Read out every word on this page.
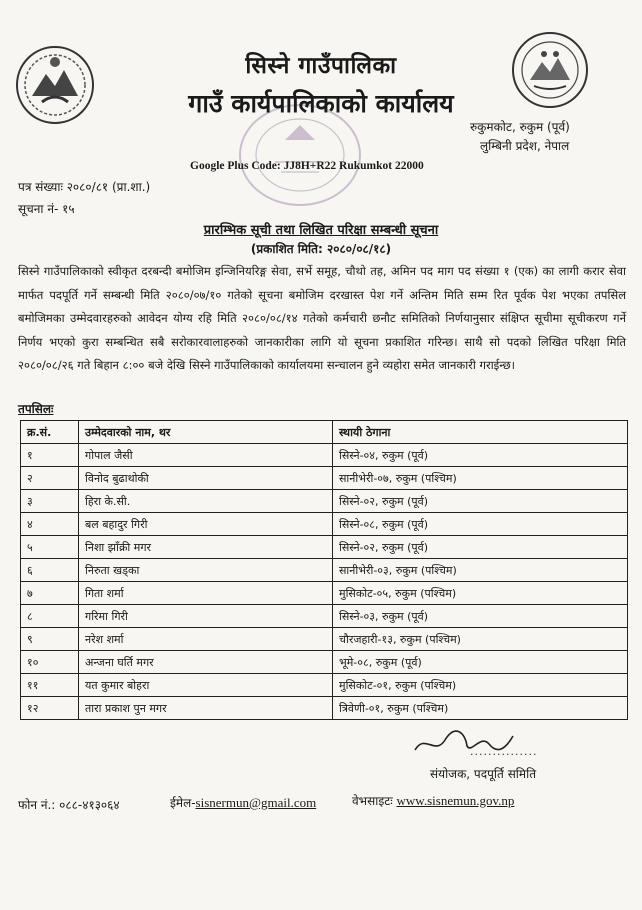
सिस्ने गाउँपालिका
गाउँ कार्यपालिकाको कार्यालय
रुकुमकोट, रुकुम (पूर्व)
लुम्बिनी प्रदेश, नेपाल
Google Plus Code: JJ8H+R22 Rukumkot 22000
पत्र संख्याः २०८०/८१ (प्रा.शा.)
सूचना नं- १५
प्रारम्भिक सूची तथा लिखित परिक्षा सम्बन्धी सूचना
(प्रकाशित मिति: २०८०/०८/१८)
सिस्ने गाउँपालिकाको स्वीकृत दरबन्दी बमोजिम इन्जिनियरिङ्ग सेवा, सर्भे समूह, चौथो तह, अमिन पद माग पद संख्या १ (एक) का लागी करार सेवा मार्फत पदपूर्ति गर्ने सम्बन्धी मिति २०८०/०७/१० गतेको सूचना बमोजिम दरखास्त पेश गर्ने अन्तिम मिति सम्म रित पूर्वक पेश भएका तपसिल बमोजिमका उम्मेदवारहरुको आवेदन योग्य रहि मिति २०८०/०८/१४ गतेको कर्मचारी छनौट समितिको निर्णयानुसार संक्षिप्त सूचीमा सूचीकरण गर्ने निर्णय भएको कुरा सम्बन्धित सबै सरोकारवालाहरुको जानकारीका लागि यो सूचना प्रकाशित गरिन्छ। साथै सो पदको लिखित परिक्षा मिति २०८०/०८/२६ गते बिहान ८:०० बजे देखि सिस्ने गाउँपालिकाको कार्यालयमा सन्चालन हुने व्यहोरा समेत जानकारी गराईन्छ।
तपसिलः
क्र.सं.	उम्मेदवारको नाम, थर	स्थायी ठेगाना
१	गोपाल जैसी	सिस्ने-०४, रुकुम (पूर्व)
२	विनोद बुढाथोकी	सानीभेरी-०७, रुकुम (पश्चिम)
३	हिरा के.सी.	सिस्ने-०२, रुकुम (पूर्व)
४	बल बहादुर गिरी	सिस्ने-०८, रुकुम (पूर्व)
५	निशा झाँक्री मगर	सिस्ने-०२, रुकुम (पूर्व)
६	निरुता खड्का	सानीभेरी-०३, रुकुम (पश्चिम)
७	गिता शर्मा	मुसिकोट-०५, रुकुम (पश्चिम)
८	गरिमा गिरी	सिस्ने-०३, रुकुम (पूर्व)
९	नरेश शर्मा	चौरजहारी-१३, रुकुम (पश्चिम)
१०	अन्जना घर्ति मगर	भूमे-०८, रुकुम (पूर्व)
११	यत कुमार बोहरा	मुसिकोट-०१, रुकुम (पश्चिम)
१२	तारा प्रकाश पुन मगर	त्रिवेणी-०१, रुकुम (पश्चिम)
...............
संयोजक, पदपूर्ति समिति
फोन नं.: ०८८-४१३०६४	ईमेल-sisnermun@gmail.com	वेभसाइटः www.sisnemun.gov.np
